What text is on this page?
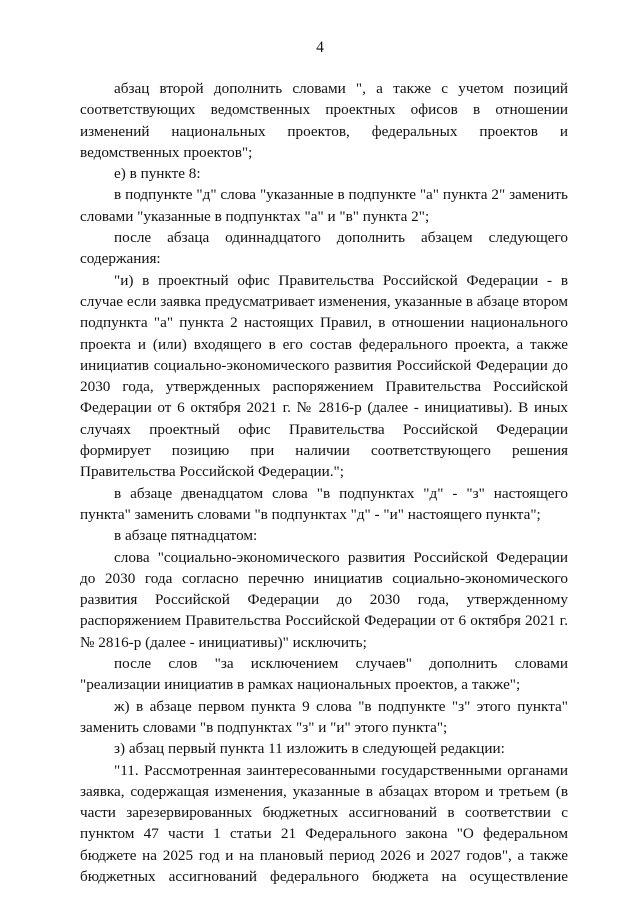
4

абзац второй дополнить словами ", а также с учетом позиций соответствующих ведомственных проектных офисов в отношении изменений национальных проектов, федеральных проектов и ведомственных проектов";

е) в пункте 8:

в подпункте "д" слова "указанные в подпункте "а" пункта 2" заменить словами "указанные в подпунктах "а" и "в" пункта 2";

после абзаца одиннадцатого дополнить абзацем следующего содержания:

"и) в проектный офис Правительства Российской Федерации - в случае если заявка предусматривает изменения, указанные в абзаце втором подпункта "а" пункта 2 настоящих Правил, в отношении национального проекта и (или) входящего в его состав федерального проекта, а также инициатив социально-экономического развития Российской Федерации до 2030 года, утвержденных распоряжением Правительства Российской Федерации от 6 октября 2021 г. № 2816-р (далее - инициативы). В иных случаях проектный офис Правительства Российской Федерации формирует позицию при наличии соответствующего решения Правительства Российской Федерации.";

в абзаце двенадцатом слова "в подпунктах "д" - "з" настоящего пункта" заменить словами "в подпунктах "д" - "и" настоящего пункта";

в абзаце пятнадцатом:

слова "социально-экономического развития Российской Федерации до 2030 года согласно перечню инициатив социально-экономического развития Российской Федерации до 2030 года, утвержденному распоряжением Правительства Российской Федерации от 6 октября 2021 г. № 2816-р (далее - инициативы)" исключить;

после слов "за исключением случаев" дополнить словами "реализации инициатив в рамках национальных проектов, а также";

ж) в абзаце первом пункта 9 слова "в подпункте "з" этого пункта" заменить словами "в подпунктах "з" и "и" этого пункта";

з) абзац первый пункта 11 изложить в следующей редакции:

"11. Рассмотренная заинтересованными государственными органами заявка, содержащая изменения, указанные в абзацах втором и третьем (в части зарезервированных бюджетных ассигнований в соответствии с пунктом 47 части 1 статьи 21 Федерального закона "О федеральном бюджете на 2025 год и на плановый период 2026 и 2027 годов", а также бюджетных ассигнований федерального бюджета на осуществление
